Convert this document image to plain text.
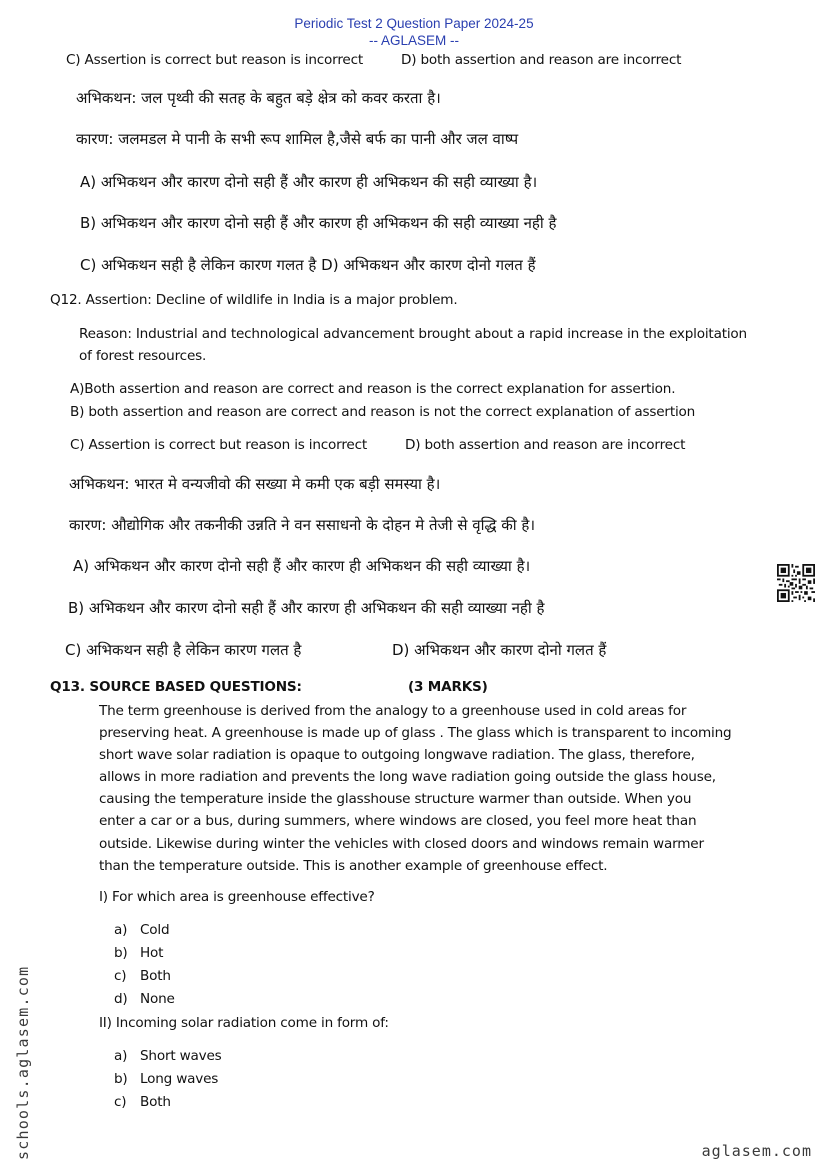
Periodic Test 2 Question Paper 2024-25
-- AGLASEM --
C) Assertion is correct but reason is incorrect	D) both assertion and reason are incorrect
अभिकथन: जल पृथ्वी की सतह के बहुत बड़े क्षेत्र को कवर करता है।
कारण: जलमडल मे पानी के सभी रूप शामिल है,जैसे बर्फ का पानी और जल वाष्प
A) अभिकथन और कारण दोनो सही हैं और कारण ही अभिकथन की सही व्याख्या है।
B) अभिकथन और कारण दोनो सही हैं और कारण ही अभिकथन की सही व्याख्या नही है
C) अभिकथन सही है लेकिन कारण गलत है D) अभिकथन और कारण दोनो गलत हैं
Q12. Assertion: Decline of wildlife in India is a major problem.
Reason: Industrial and technological advancement brought about a rapid increase in the exploitation
of forest resources.
A)Both assertion and reason are correct and reason is the correct explanation for assertion.
B) both assertion and reason are correct and reason is not the correct explanation of assertion
C) Assertion is correct but reason is incorrect	D) both assertion and reason are incorrect
अभिकथन: भारत मे वन्यजीवो की सख्या मे कमी एक बड़ी समस्या है।
कारण: औद्योगिक और तकनीकी उन्नति ने वन ससाधनो के दोहन मे तेजी से वृद्धि की है।
A) अभिकथन और कारण दोनो सही हैं और कारण ही अभिकथन की सही व्याख्या है।
B) अभिकथन और कारण दोनो सही हैं और कारण ही अभिकथन की सही व्याख्या नही है
C) अभिकथन सही है लेकिन कारण गलत है	D) अभिकथन और कारण दोनो गलत हैं
Q13. SOURCE BASED QUESTIONS:	(3 MARKS)
The term greenhouse is derived from the analogy to a greenhouse used in cold areas for
preserving heat. A greenhouse is made up of glass . The glass which is transparent to incoming
short wave solar radiation is opaque to outgoing longwave radiation. The glass, therefore,
allows in more radiation and prevents the long wave radiation going outside the glass house,
causing the temperature inside the glasshouse structure warmer than outside. When you
enter a car or a bus, during summers, where windows are closed, you feel more heat than
outside. Likewise during winter the vehicles with closed doors and windows remain warmer
than the temperature outside. This is another example of greenhouse effect.
I) For which area is greenhouse effective?
a) Cold
b) Hot
c) Both
d) None
II) Incoming solar radiation come in form of:
a) Short waves
b) Long waves
c) Both
schools.aglasem.com	aglasem.com
